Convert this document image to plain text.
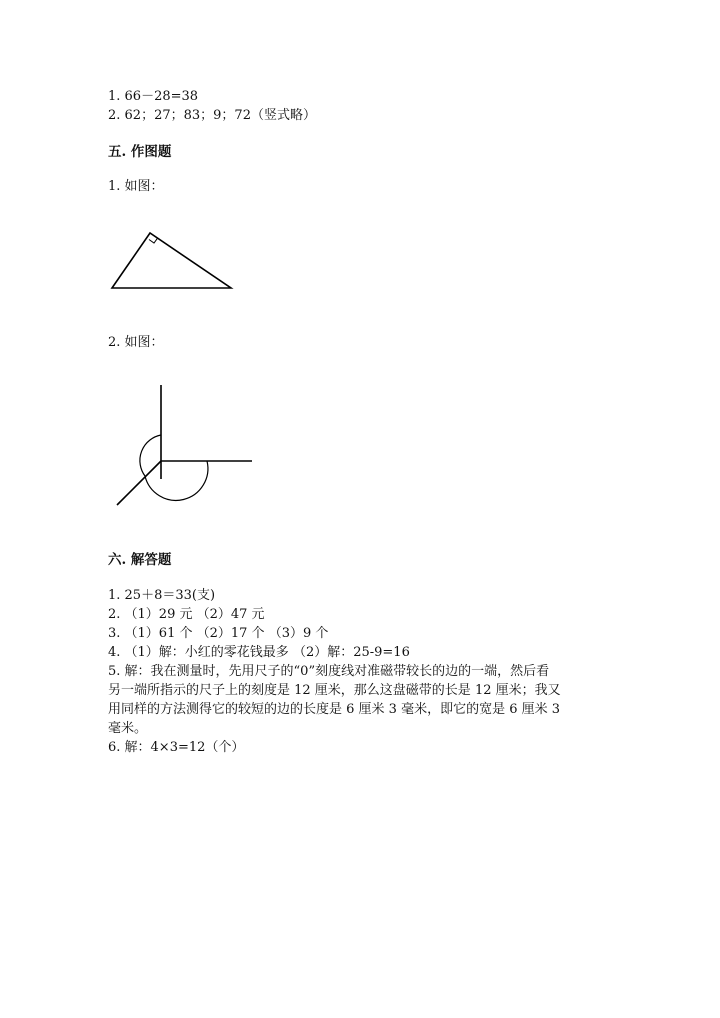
1. 66－28=38
2. 62；27；83；9；72（竖式略）
五. 作图题
1. 如图：
2. 如图：
六. 解答题
1. 25＋8＝33(支)
2. （1）29 元 （2）47 元
3. （1）61 个 （2）17 个 （3）9 个
4. （1）解：小红的零花钱最多 （2）解：25-9=16
5. 解：我在测量时，先用尺子的“0”刻度线对准磁带较长的边的一端，然后看
另一端所指示的尺子上的刻度是 12 厘米，那么这盘磁带的长是 12 厘米；我又
用同样的方法测得它的较短的边的长度是 6 厘米 3 毫米，即它的宽是 6 厘米 3
毫米。
6. 解：4×3=12（个）
